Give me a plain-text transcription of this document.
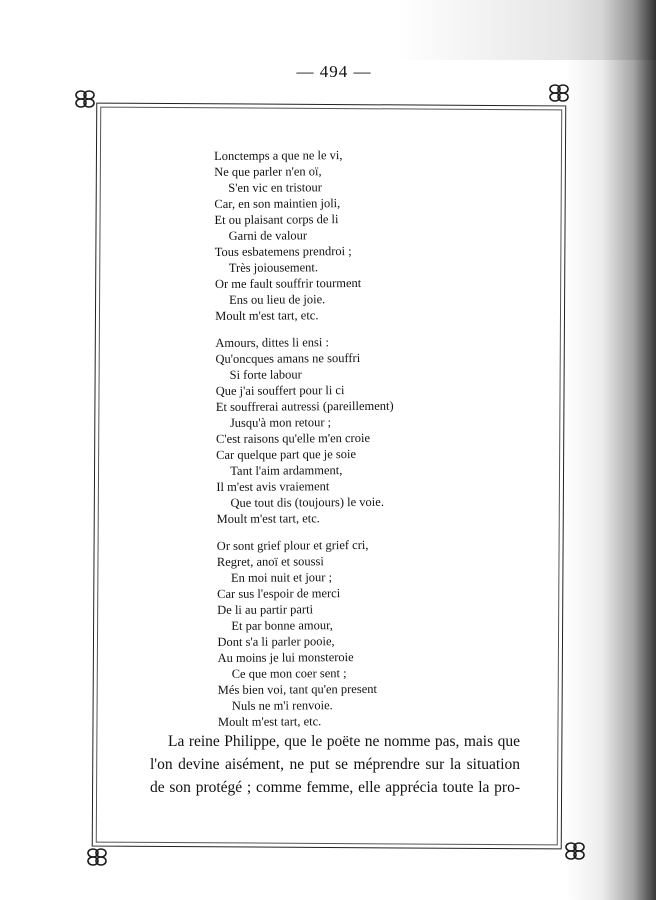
— 494 —
Lonctemps a que ne le vi,
Ne que parler n'en oï,
S'en vic en tristour
Car, en son maintien joli,
Et ou plaisant corps de li
Garni de valour
Tous esbatemens prendroi ;
Très joiousement.
Or me fault souffrir tourment
Ens ou lieu de joie.
Moult m'est tart, etc.
Amours, dittes li ensi :
Qu'oncques amans ne souffri
Si forte labour
Que j'ai souffert pour li ci
Et souffrerai autressi (pareillement)
Jusqu'à mon retour ;
C'est raisons qu'elle m'en croie
Car quelque part que je soie
Tant l'aim ardamment,
Il m'est avis vraiement
Que tout dis (toujours) le voie.
Moult m'est tart, etc.
Or sont grief plour et grief cri,
Regret, anoï et soussi
En moi nuit et jour ;
Car sus l'espoir de merci
De li au partir parti
Et par bonne amour,
Dont s'a li parler pooie,
Au moins je lui monsteroie
Ce que mon coer sent ;
Més bien voi, tant qu'en present
Nuls ne m'i renvoie.
Moult m'est tart, etc.
La reine Philippe, que le poëte ne nomme pas, mais que
l'on devine aisément, ne put se méprendre sur la situation
de son protégé ; comme femme, elle apprécia toute la pro-
